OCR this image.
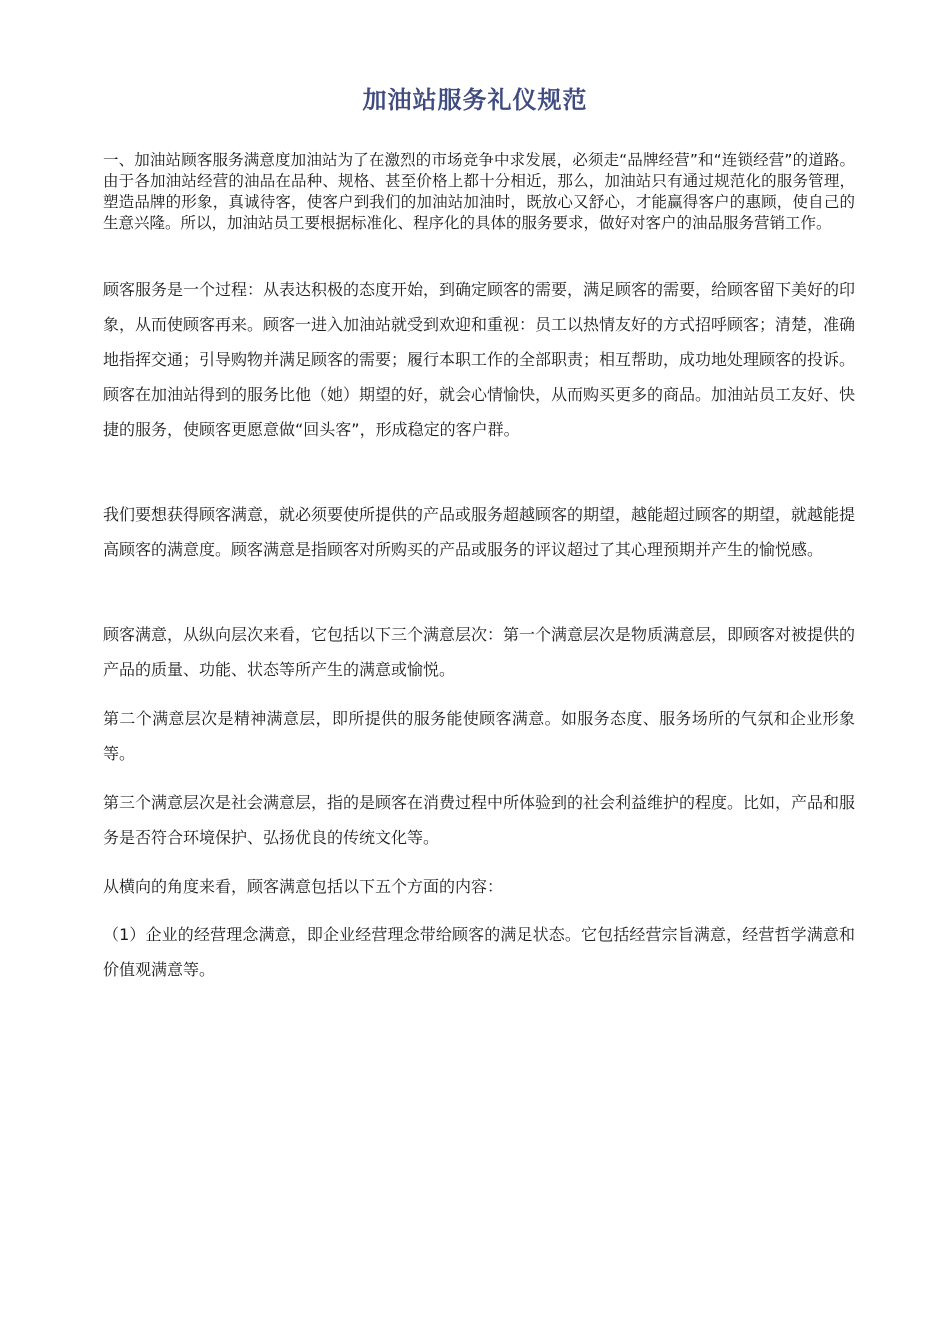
加油站服务礼仪规范

一、加油站顾客服务满意度加油站为了在激烈的市场竞争中求发展，必须走“品牌经营”和“连锁经营”的道路。由于各加油站经营的油品在品种、规格、甚至价格上都十分相近，那么，加油站只有通过规范化的服务管理，塑造品牌的形象，真诚待客，使客户到我们的加油站加油时，既放心又舒心，才能赢得客户的惠顾，使自己的生意兴隆。所以，加油站员工要根据标准化、程序化的具体的服务要求，做好对客户的油品服务营销工作。

顾客服务是一个过程：从表达积极的态度开始，到确定顾客的需要，满足顾客的需要，给顾客留下美好的印象，从而使顾客再来。顾客一进入加油站就受到欢迎和重视：员工以热情友好的方式招呼顾客；清楚，准确地指挥交通；引导购物并满足顾客的需要；履行本职工作的全部职责；相互帮助，成功地处理顾客的投诉。顾客在加油站得到的服务比他（她）期望的好，就会心情愉快，从而购买更多的商品。加油站员工友好、快捷的服务，使顾客更愿意做“回头客”，形成稳定的客户群。

我们要想获得顾客满意，就必须要使所提供的产品或服务超越顾客的期望，越能超过顾客的期望，就越能提高顾客的满意度。顾客满意是指顾客对所购买的产品或服务的评议超过了其心理预期并产生的愉悦感。

顾客满意，从纵向层次来看，它包括以下三个满意层次：第一个满意层次是物质满意层，即顾客对被提供的产品的质量、功能、状态等所产生的满意或愉悦。

第二个满意层次是精神满意层，即所提供的服务能使顾客满意。如服务态度、服务场所的气氛和企业形象等。

第三个满意层次是社会满意层，指的是顾客在消费过程中所体验到的社会利益维护的程度。比如，产品和服务是否符合环境保护、弘扬优良的传统文化等。

从横向的角度来看，顾客满意包括以下五个方面的内容：

（1）企业的经营理念满意，即企业经营理念带给顾客的满足状态。它包括经营宗旨满意，经营哲学满意和价值观满意等。
